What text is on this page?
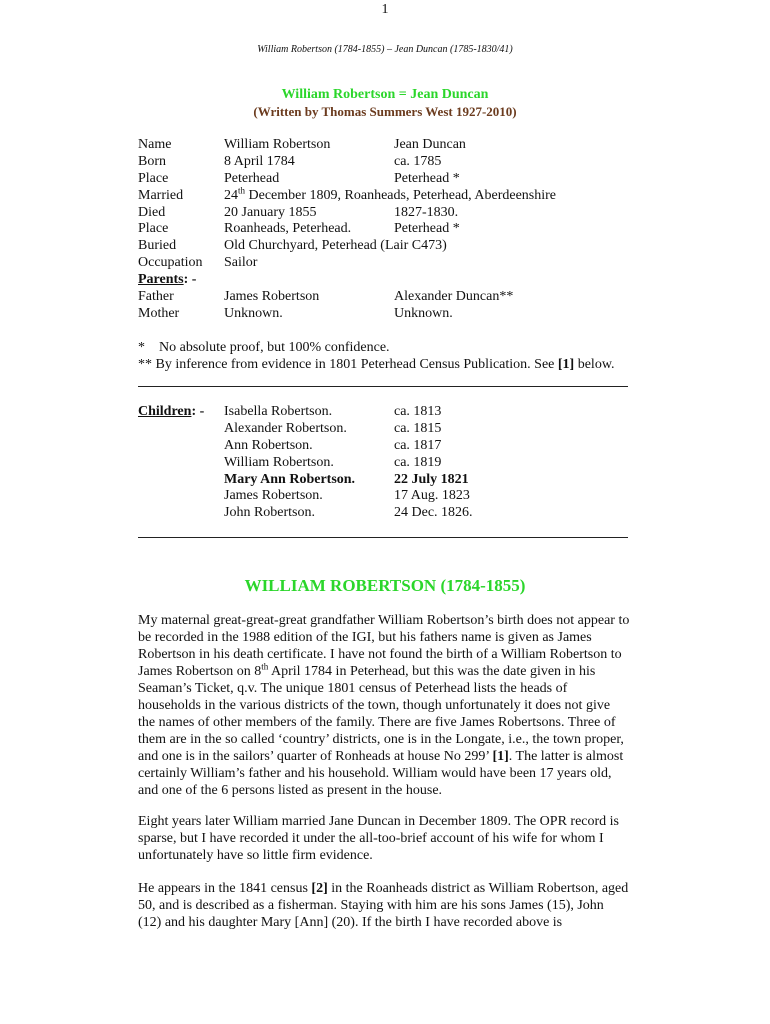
1
William Robertson (1784-1855) – Jean Duncan (1785-1830/41)
William Robertson = Jean Duncan
(Written by Thomas Summers West 1927-2010)
Name	William Robertson	Jean Duncan
Born	8 April 1784	ca. 1785
Place	Peterhead	Peterhead *
Married	24th December 1809, Roanheads, Peterhead, Aberdeenshire
Died	20 January 1855	1827-1830.
Place	Roanheads, Peterhead.	Peterhead *
Buried	Old Churchyard, Peterhead (Lair C473)
Occupation Sailor
Parents: -
Father	James Robertson	Alexander Duncan**
Mother	Unknown.	Unknown.
*    No absolute proof, but 100% confidence.
** By inference from evidence in 1801 Peterhead Census Publication. See [1] below.
Children: - Isabella Robertson.	ca. 1813
Alexander Robertson.	ca. 1815
Ann Robertson.	ca. 1817
William Robertson.	ca. 1819
Mary Ann Robertson.	22 July 1821
James Robertson.	17 Aug. 1823
John Robertson.	24 Dec. 1826.
WILLIAM ROBERTSON (1784-1855)

My maternal great-great-great grandfather William Robertson’s birth does not appear to be recorded in the 1988 edition of the IGI, but his fathers name is given as James Robertson in his death certificate. I have not found the birth of a William Robertson to James Robertson on 8th April 1784 in Peterhead, but this was the date given in his Seaman’s Ticket, q.v. The unique 1801 census of Peterhead lists the heads of households in the various districts of the town, though unfortunately it does not give the names of other members of the family. There are five James Robertsons. Three of them are in the so called ‘country’ districts, one is in the Longate, i.e., the town proper, and one is in the sailors’ quarter of Ronheads at house No 299’ [1]. The latter is almost certainly William’s father and his household. William would have been 17 years old, and one of the 6 persons listed as present in the house.

Eight years later William married Jane Duncan in December 1809. The OPR record is sparse, but I have recorded it under the all-too-brief account of his wife for whom I unfortunately have so little firm evidence.

He appears in the 1841 census [2] in the Roanheads district as William Robertson, aged 50, and is described as a fisherman. Staying with him are his sons James (15), John (12) and his daughter Mary [Ann] (20). If the birth I have recorded above is
